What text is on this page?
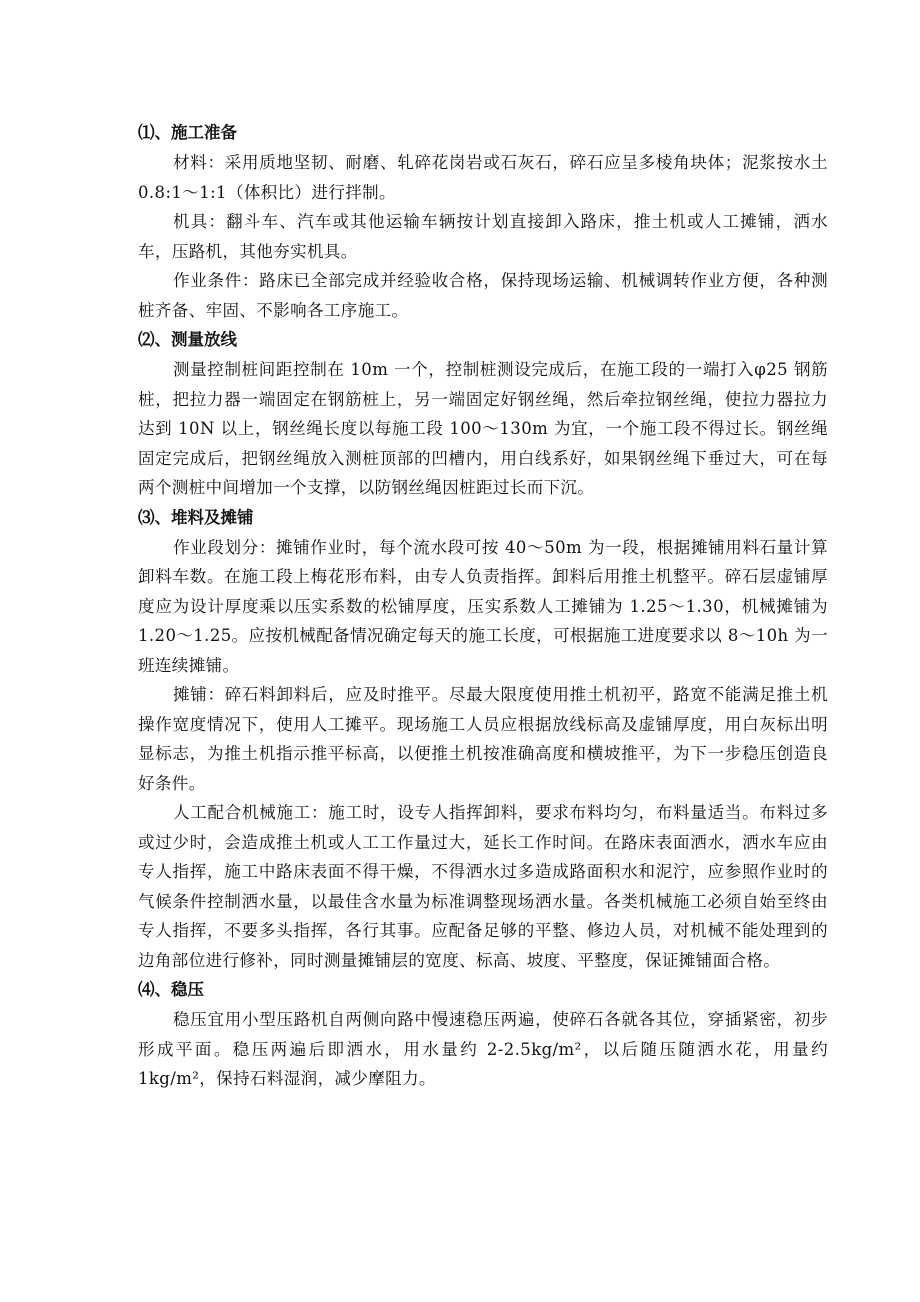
⑴、施工准备

材料：采用质地坚韧、耐磨、轧碎花岗岩或石灰石，碎石应呈多棱角块体；泥浆按水土 0.8:1～1:1（体积比）进行拌制。

机具：翻斗车、汽车或其他运输车辆按计划直接卸入路床，推土机或人工摊铺，洒水车，压路机，其他夯实机具。

作业条件：路床已全部完成并经验收合格，保持现场运输、机械调转作业方便，各种测桩齐备、牢固、不影响各工序施工。

⑵、测量放线

测量控制桩间距控制在 10m 一个，控制桩测设完成后，在施工段的一端打入φ25 钢筋桩，把拉力器一端固定在钢筋桩上，另一端固定好钢丝绳，然后牵拉钢丝绳，使拉力器拉力达到 10N 以上，钢丝绳长度以每施工段 100～130m 为宜，一个施工段不得过长。钢丝绳固定完成后，把钢丝绳放入测桩顶部的凹槽内，用白线系好，如果钢丝绳下垂过大，可在每两个测桩中间增加一个支撑，以防钢丝绳因桩距过长而下沉。

⑶、堆料及摊铺

作业段划分：摊铺作业时，每个流水段可按 40～50m 为一段，根据摊铺用料石量计算卸料车数。在施工段上梅花形布料，由专人负责指挥。卸料后用推土机整平。碎石层虚铺厚度应为设计厚度乘以压实系数的松铺厚度，压实系数人工摊铺为 1.25～1.30，机械摊铺为 1.20～1.25。应按机械配备情况确定每天的施工长度，可根据施工进度要求以 8～10h 为一班连续摊铺。

摊铺：碎石料卸料后，应及时推平。尽最大限度使用推土机初平，路宽不能满足推土机操作宽度情况下，使用人工摊平。现场施工人员应根据放线标高及虚铺厚度，用白灰标出明显标志，为推土机指示推平标高，以便推土机按准确高度和横坡推平，为下一步稳压创造良好条件。

人工配合机械施工：施工时，设专人指挥卸料，要求布料均匀，布料量适当。布料过多或过少时，会造成推土机或人工工作量过大，延长工作时间。在路床表面洒水，洒水车应由专人指挥，施工中路床表面不得干燥，不得洒水过多造成路面积水和泥泞，应参照作业时的气候条件控制洒水量，以最佳含水量为标准调整现场洒水量。各类机械施工必须自始至终由专人指挥，不要多头指挥，各行其事。应配备足够的平整、修边人员，对机械不能处理到的边角部位进行修补，同时测量摊铺层的宽度、标高、坡度、平整度，保证摊铺面合格。

⑷、稳压

稳压宜用小型压路机自两侧向路中慢速稳压两遍，使碎石各就各其位，穿插紧密，初步形成平面。稳压两遍后即洒水，用水量约 2-2.5kg/m²，以后随压随洒水花，用量约 1kg/m²，保持石料湿润，减少摩阻力。
